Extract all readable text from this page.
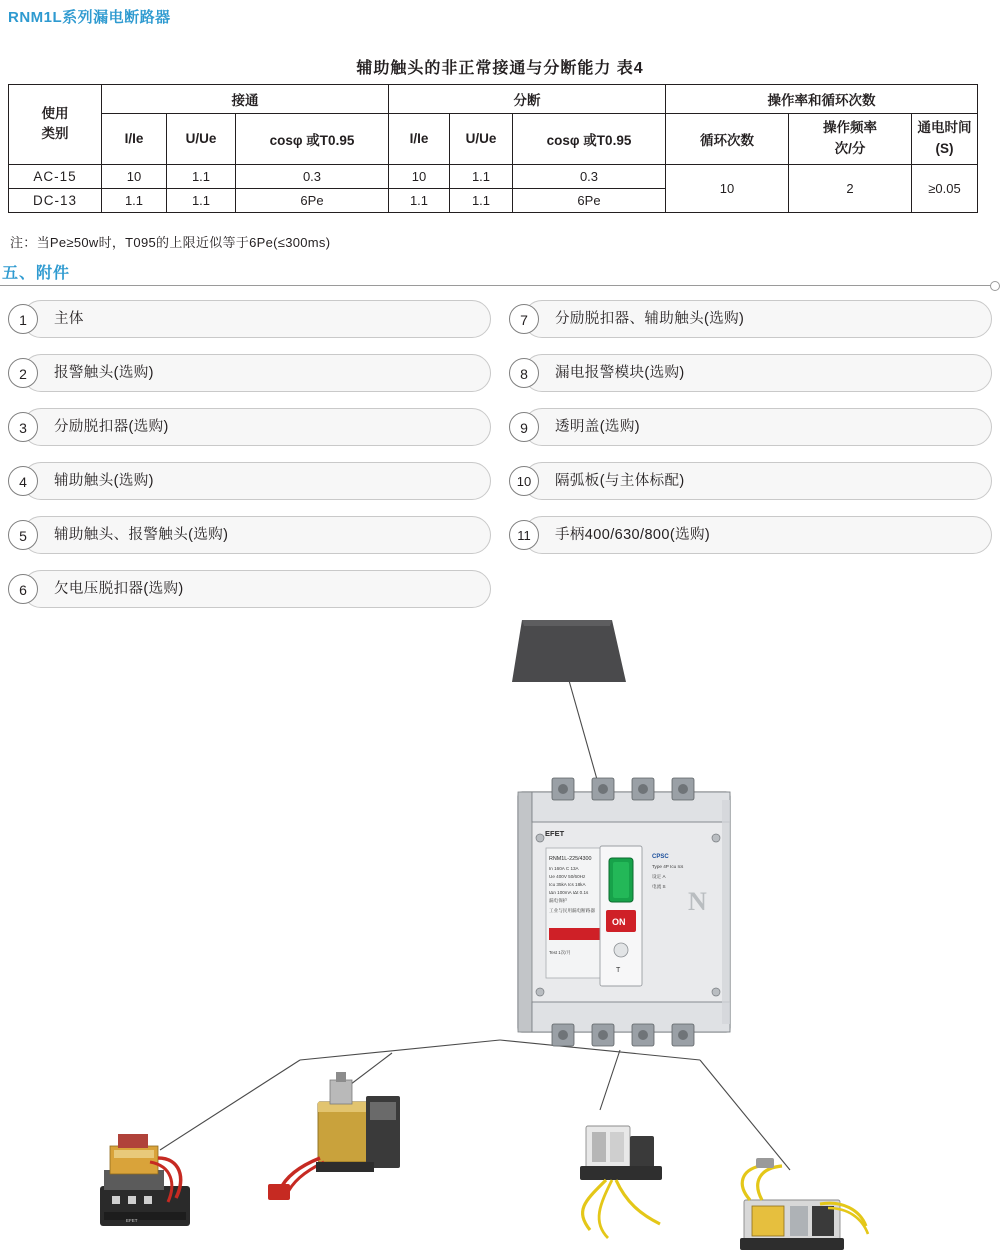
RNM1L系列漏电断路器
辅助触头的非正常接通与分断能力 表4
使用
类别	接通			分断			操作率和循环次数		
	I/Ie	U/Ue	cosφ 或T0.95	I/Ie	U/Ue	cosφ 或T0.95	循环次数	操作频率
次/分	通电时间
(S)
AC-15	10	1.1	0.3	10	1.1	0.3	10	2	≥0.05
DC-13	1.1	1.1	6Pe	1.1	1.1	6Pe			
注：当Pe≥50w时，T095的上限近似等于6Pe(≤300ms)
五、附件
1	主体
2	报警触头(选购)
3	分励脱扣器(选购)
4	辅助触头(选购)
5	辅助触头、报警触头(选购)
6	欠电压脱扣器(选购)
7	分励脱扣器、辅助触头(选购)
8	漏电报警模块(选购)
9	透明盖(选购)
10	隔弧板(与主体标配)
11	手柄400/630/800(选购)
RNM1L-225/4300
In 160A C 13A
Ue 400V 50/60Hz
Icu 35kA Ics 18kA
IΔn 100mA IΔt 0.1s
漏电保护
工业与民用漏电断路器
Test 1次/月
ON
T
CPSC
Type 4P Icu Ics
设定 A
电流 S
N
EFET
EFET
